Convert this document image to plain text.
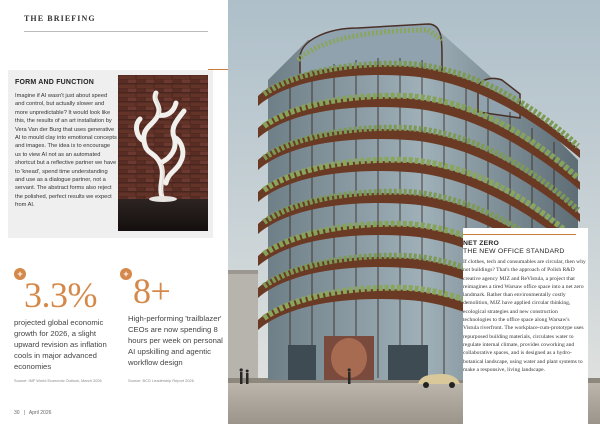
THE BRIEFING
FORM AND FUNCTION
Imagine if AI wasn't just about speed and control, but actually slower and more unpredictable? It would look like this, the results of an art installation by Vera Van der Burg that uses generative AI to mould clay into emotional concepts and images. The idea is to encourage us to view AI not as an automated shortcut but a reflective partner we have to 'knead', spend time understanding and use as a dialogue partner, not a servant. The abstract forms also reject the polished, perfect results we expect from AI.
+
3.3%
projected global economic growth for 2026, a slight upward revision as inflation cools in major advanced economies
Source: IMF World Economic Outlook, March 2026
+ 8+
High-performing 'trailblazer' CEOs are now spending 8 hours per week on personal AI upskilling and agentic workflow design
Source: BCG Leadership Report 2026
30 | April 2026
NET ZERO
THE NEW OFFICE STANDARD
If clothes, tech and consumables are circular, then why not buildings? That's the approach of Polish R&D creative agency MJZ and ReVistula, a project that reimagines a tired Warsaw office space into a net zero landmark. Rather than environmentally costly demolition, MJZ have applied circular thinking, ecological strategies and new construction technologies to the office space along Warsaw's Vistula riverfront. The workplace-cum-prototype uses repurposed building materials, circulates water to regulate internal climate, provides coworking and collaborative spaces, and is designed as a hydro-botanical landscape, using water and plant systems to make a responsive, living landscape.
